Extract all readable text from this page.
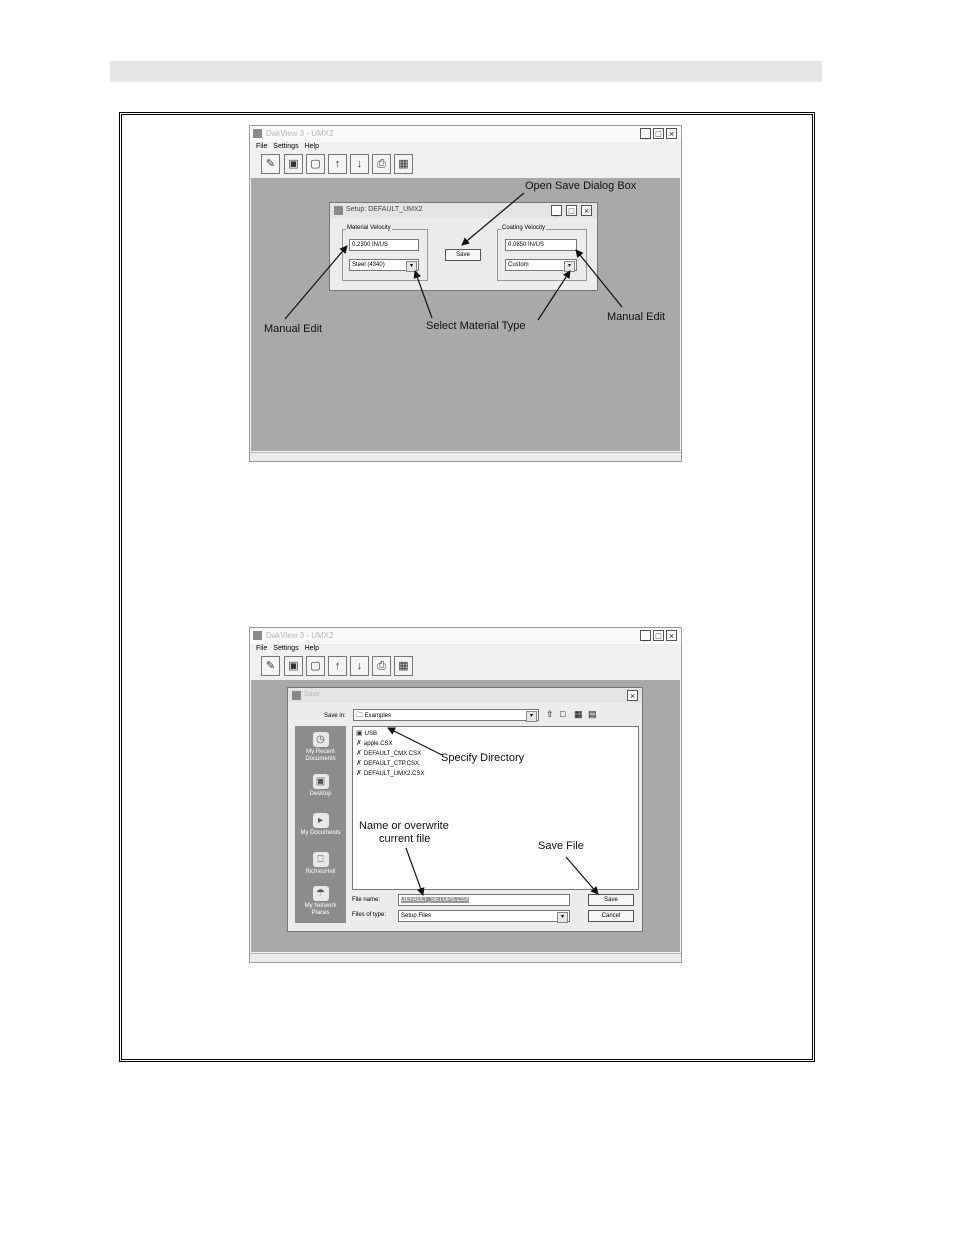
DakView 3 - UMX2	_ □ ×
File Settings Help
✎	▣	▢	↑	↓	⎙	▦
Setup: DEFAULT_UMX2	_	□	×
Material Velocity
0.2300 IN/US
Steel (4340)	▾
Save
Coating Velocity
0.0850 IN/US
Custom	▾
Open Save Dialog Box
Manual Edit	Select Material Type
Manual Edit
DakView 3 - UMX2	_ □ ×
File Settings Help
✎	▣	▢	↑	↓	⎙	▦
Save	×
Save in:	🗀 Examples	▾	⇧ □ ▦ ▤
◷
My Recent Documents
▣
Desktop
▸
My Documents
⎕
RichiesHell
☂
My Network Places
▣ USB
✗ apple.CSX
✗ DEFAULT_CMX.CSX
✗ DEFAULT_CTP.CSX
✗ DEFAULT_UMX2.CSX
File name:	DEFAULT_SETUPS.CSX
Files of type:	Setup Files	▾
Save
Cancel
Specify Directory
Name or overwrite
current file
Save File
